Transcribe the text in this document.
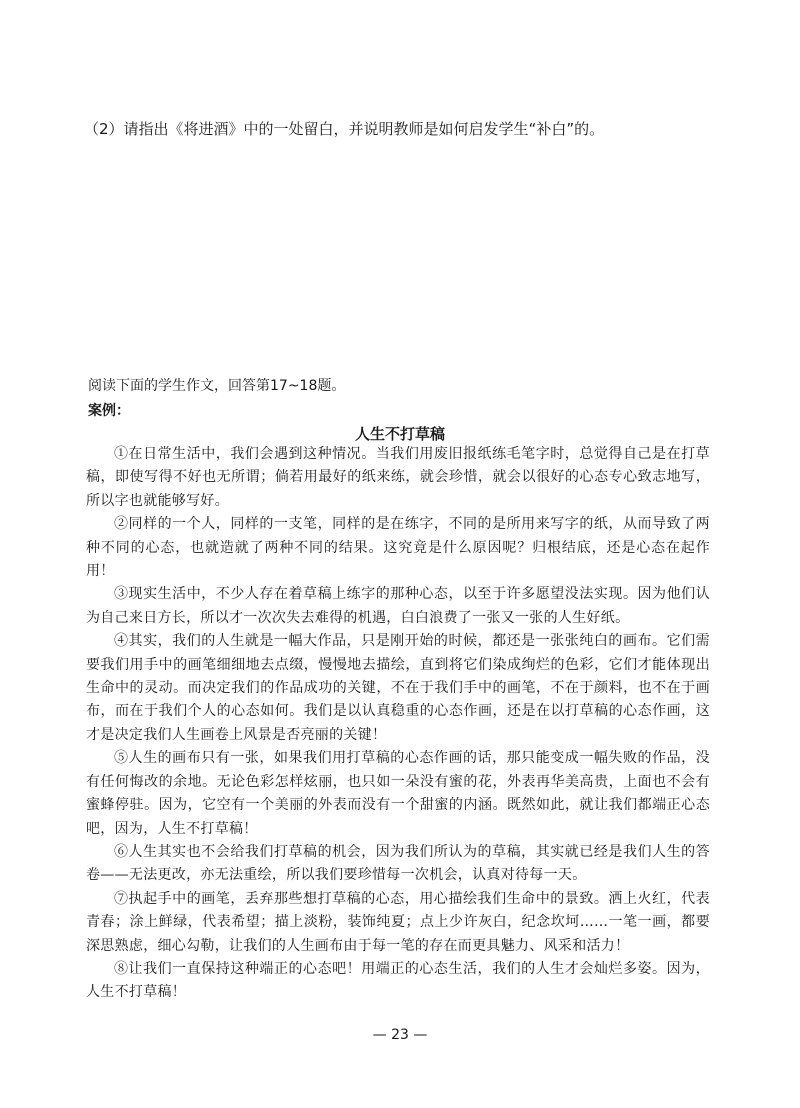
（2）请指出《将进酒》中的一处留白，并说明教师是如何启发学生“补白”的。
阅读下面的学生作文，回答第17~18题。
案例：
人生不打草稿

①在日常生活中，我们会遇到这种情况。当我们用废旧报纸练毛笔字时，总觉得自己是在打草稿，即使写得不好也无所谓；倘若用最好的纸来练，就会珍惜，就会以很好的心态专心致志地写，所以字也就能够写好。

②同样的一个人，同样的一支笔，同样的是在练字，不同的是所用来写字的纸，从而导致了两种不同的心态，也就造就了两种不同的结果。这究竟是什么原因呢？归根结底，还是心态在起作用！

③现实生活中，不少人存在着草稿上练字的那种心态，以至于许多愿望没法实现。因为他们认为自己来日方长，所以才一次次失去难得的机遇，白白浪费了一张又一张的人生好纸。

④其实，我们的人生就是一幅大作品，只是刚开始的时候，都还是一张张纯白的画布。它们需要我们用手中的画笔细细地去点缀，慢慢地去描绘，直到将它们染成绚烂的色彩，它们才能体现出生命中的灵动。而决定我们的作品成功的关键，不在于我们手中的画笔，不在于颜料，也不在于画布，而在于我们个人的心态如何。我们是以认真稳重的心态作画，还是在以打草稿的心态作画，这才是决定我们人生画卷上风景是否亮丽的关键！

⑤人生的画布只有一张，如果我们用打草稿的心态作画的话，那只能变成一幅失败的作品，没有任何悔改的余地。无论色彩怎样炫丽，也只如一朵没有蜜的花，外表再华美高贵，上面也不会有蜜蜂停驻。因为，它空有一个美丽的外表而没有一个甜蜜的内涵。既然如此，就让我们都端正心态吧，因为，人生不打草稿！

⑥人生其实也不会给我们打草稿的机会，因为我们所认为的草稿，其实就已经是我们人生的答卷——无法更改，亦无法重绘，所以我们要珍惜每一次机会，认真对待每一天。

⑦执起手中的画笔，丢弃那些想打草稿的心态，用心描绘我们生命中的景致。洒上火红，代表青春；涂上鲜绿，代表希望；描上淡粉，装饰纯夏；点上少许灰白，纪念坎坷……一笔一画，都要深思熟虑，细心勾勒，让我们的人生画布由于每一笔的存在而更具魅力、风采和活力！

⑧让我们一直保持这种端正的心态吧！用端正的心态生活，我们的人生才会灿烂多姿。因为，人生不打草稿！

— 23 —
